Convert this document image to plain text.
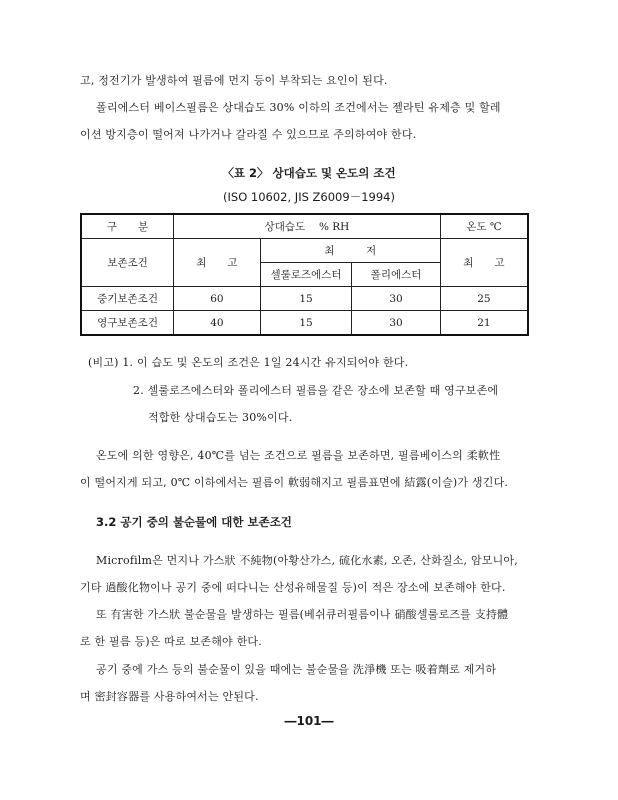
고, 정전기가 발생하여 필름에 먼지 등이 부착되는 요인이 된다.
폴리에스터 베이스필름은 상대습도 30% 이하의 조건에서는 젤라틴 유제층 및 할레
이션 방지층이 떨어져 나가거나 갈라질 수 있으므로 주의하여야 한다.
〈표 2〉 상대습도 및 온도의 조건
(ISO 10602, JIS Z6009－1994)
구　　분	상대습도　 % RH			온도 ℃
보존조건	최　　고	최　　　저		최　　고
		셀룰로즈에스터	폴리에스터	
중기보존조건	60	15	30	25
영구보존조건	40	15	30	21
(비고) 1. 이 습도 및 온도의 조건은 1일 24시간 유지되어야 한다.
2. 셀룰로즈에스터와 폴리에스터 필름을 같은 장소에 보존할 때 영구보존에
적합한 상대습도는 30%이다.
온도에 의한 영향은, 40℃를 넘는 조건으로 필름을 보존하면, 필름베이스의 柔軟性
이 떨어지게 되고, 0℃ 이하에서는 필름이 軟弱해지고 필름표면에 結露(이슬)가 생긴다.
3.2 공기 중의 불순물에 대한 보존조건
Microfilm은 먼지나 가스狀 不純物(아황산가스, 硫化水素, 오존, 산화질소, 암모니아,
기타 過酸化物이나 공기 중에 떠다니는 산성유해물질 등)이 적은 장소에 보존해야 한다.
또 有害한 가스狀 불순물을 발생하는 필름(베쉬큐러필름이나 硝酸셀룰로즈를 支持體
로 한 필름 등)은 따로 보존해야 한다.
공기 중에 가스 등의 불순물이 있을 때에는 불순물을 洗淨機 또는 吸着劑로 제거하
며 密封容器를 사용하여서는 안된다.
―101―
